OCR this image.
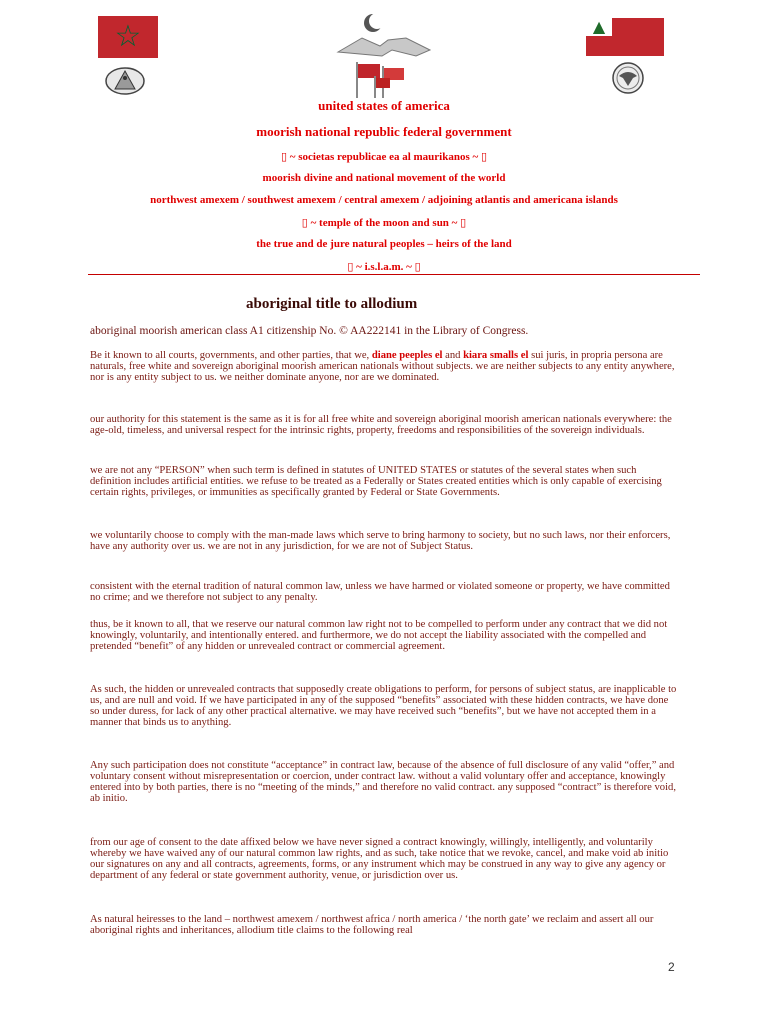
☆	▲
united states of america
moorish national republic federal government
▯ ~ societas republicae ea al maurikanos ~ ▯
moorish divine and national movement of the world
northwest amexem / southwest amexem / central amexem / adjoining atlantis and americana islands
▯ ~ temple of the moon and sun ~ ▯
the true and de jure natural peoples – heirs of the land
▯ ~ i.s.l.a.m. ~ ▯
aboriginal title to allodium
aboriginal moorish american class A1 citizenship No. © AA222141 in the Library of Congress.

Be it known to all courts, governments, and other parties, that we, diane peeples el and kiara smalls el sui juris, in propria persona are naturals, free white and sovereign aboriginal moorish american nationals without subjects. we are neither subjects to any entity anywhere, nor is any entity subject to us. we neither dominate anyone, nor are we dominated.

our authority for this statement is the same as it is for all free white and sovereign aboriginal moorish american nationals everywhere: the age-old, timeless, and universal respect for the intrinsic rights, property, freedoms and responsibilities of the sovereign individuals.

we are not any “PERSON” when such term is defined in statutes of UNITED STATES or statutes of the several states when such definition includes artificial entities. we refuse to be treated as a Federally or States created entities which is only capable of exercising certain rights, privileges, or immunities as specifically granted by Federal or State Governments.

we voluntarily choose to comply with the man-made laws which serve to bring harmony to society, but no such laws, nor their enforcers, have any authority over us. we are not in any jurisdiction, for we are not of Subject Status.

consistent with the eternal tradition of natural common law, unless we have harmed or violated someone or property, we have committed no crime; and we therefore not subject to any penalty.

thus, be it known to all, that we reserve our natural common law right not to be compelled to perform under any contract that we did not knowingly, voluntarily, and intentionally entered. and furthermore, we do not accept the liability associated with the compelled and pretended “benefit” of any hidden or unrevealed contract or commercial agreement.

As such, the hidden or unrevealed contracts that supposedly create obligations to perform, for persons of subject status, are inapplicable to us, and are null and void. If we have participated in any of the supposed “benefits” associated with these hidden contracts, we have done so under duress, for lack of any other practical alternative. we may have received such “benefits”, but we have not accepted them in a manner that binds us to anything.

Any such participation does not constitute “acceptance” in contract law, because of the absence of full disclosure of any valid “offer,” and voluntary consent without misrepresentation or coercion, under contract law. without a valid voluntary offer and acceptance, knowingly entered into by both parties, there is no “meeting of the minds,” and therefore no valid contract. any supposed “contract” is therefore void, ab initio.

from our age of consent to the date affixed below we have never signed a contract knowingly, willingly, intelligently, and voluntarily whereby we have waived any of our natural common law rights, and as such, take notice that we revoke, cancel, and make void ab initio our signatures on any and all contracts, agreements, forms, or any instrument which may be construed in any way to give any agency or department of any federal or state government authority, venue, or jurisdiction over us.

As natural heiresses to the land – northwest amexem / northwest africa / north america / ‘the north gate’ we reclaim and assert all our aboriginal rights and inheritances, allodium title claims to the following real

2
